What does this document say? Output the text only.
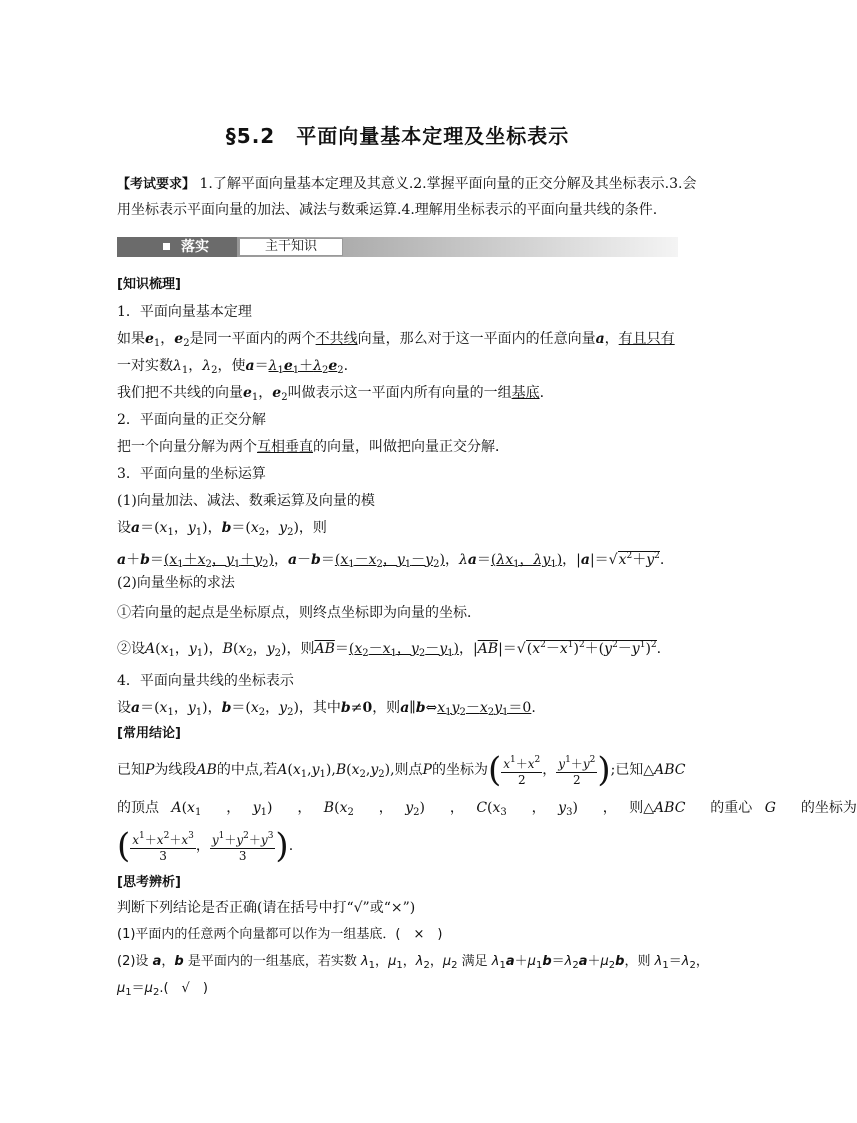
§5.2　平面向量基本定理及坐标表示
【考试要求】 1.了解平面向量基本定理及其意义.2.掌握平面向量的正交分解及其坐标表示.3.会
用坐标表示平面向量的加法、减法与数乘运算.4.理解用坐标表示的平面向量共线的条件.
落实	主干知识
[知识梳理]
1．平面向量基本定理
如果$e_1$，$e_2$是同一平面内的两个不共线向量，那么对于这一平面内的任意向量a，有且只有
一对实数$\lambda_1$，$\lambda_2$，使$a=\lambda_1e_1+\lambda_2e_2$.
我们把不共线的向量$e_1$，$e_2$叫做表示这一平面内所有向量的一组基底.
2．平面向量的正交分解
把一个向量分解为两个互相垂直的向量，叫做把向量正交分解．
3．平面向量的坐标运算
(1)向量加法、减法、数乘运算及向量的模
设$a=(x_1$，$y_1$)，$b=(x_2$，$y_2$)，则
$a+b=(x_1+x_2$，$y_1+y_2$)，$a-b=(x_1-x_2$，$y_1-y_2$)，$\lambda a=(\lambda x_1$，$\lambda y_1$)，$|a|=√x^2+y^2$.
(2)向量坐标的求法
①若向量的起点是坐标原点，则终点坐标即为向量的坐标．
②设$A(x_1$，$y_1$)，$B(x_2$，$y_2$)，则$\overline{AB}=(x_2-x_1$，$y_2-y_1$)，$|\overline{AB}|=√(x^2-x^1)^2+(y^2-y^1)^2$.
4．平面向量共线的坐标表示
设$a=(x_1$，$y_1$)，$b=(x_2$，$y_2$)，其中b≠0，则$a\parallel b\Leftrightarrow x_1y_2-x_2y_1=0$.
[常用结论]
已知P为线段AB的中点,若$A(x_1,y_1),B(x_2,y_2)$,则点P的坐标为( $\frac{x^1+x^2}{2}$ ， $\frac{y^1+y^2}{2}$ );已知△ABC
的顶点 $A(x_1$  ， $y_1$)  ， $B(x_2$  ， $y_2$)  ， $C(x_3$  ， $y_3$)  ， 则△ABC  的重心 G  的坐标为
( $\frac{x^1+x^2+x^3}{3}$ ， $\frac{y^1+y^2+y^3}{3}$ ).
[思考辨析]
判断下列结论是否正确(请在括号中打“√”或“×”)
(1)平面内的任意两个向量都可以作为一组基底．(　×　)
(2)设 a，b 是平面内的一组基底，若实数 $\lambda_1$，$\mu_1$，$\lambda_2$，$\mu_2$ 满足 $\lambda_1a+\mu_1b=\lambda_2a+\mu_2b$，则 $\lambda_1=\lambda_2$，
$\mu_1=\mu_2$.(　√　)
